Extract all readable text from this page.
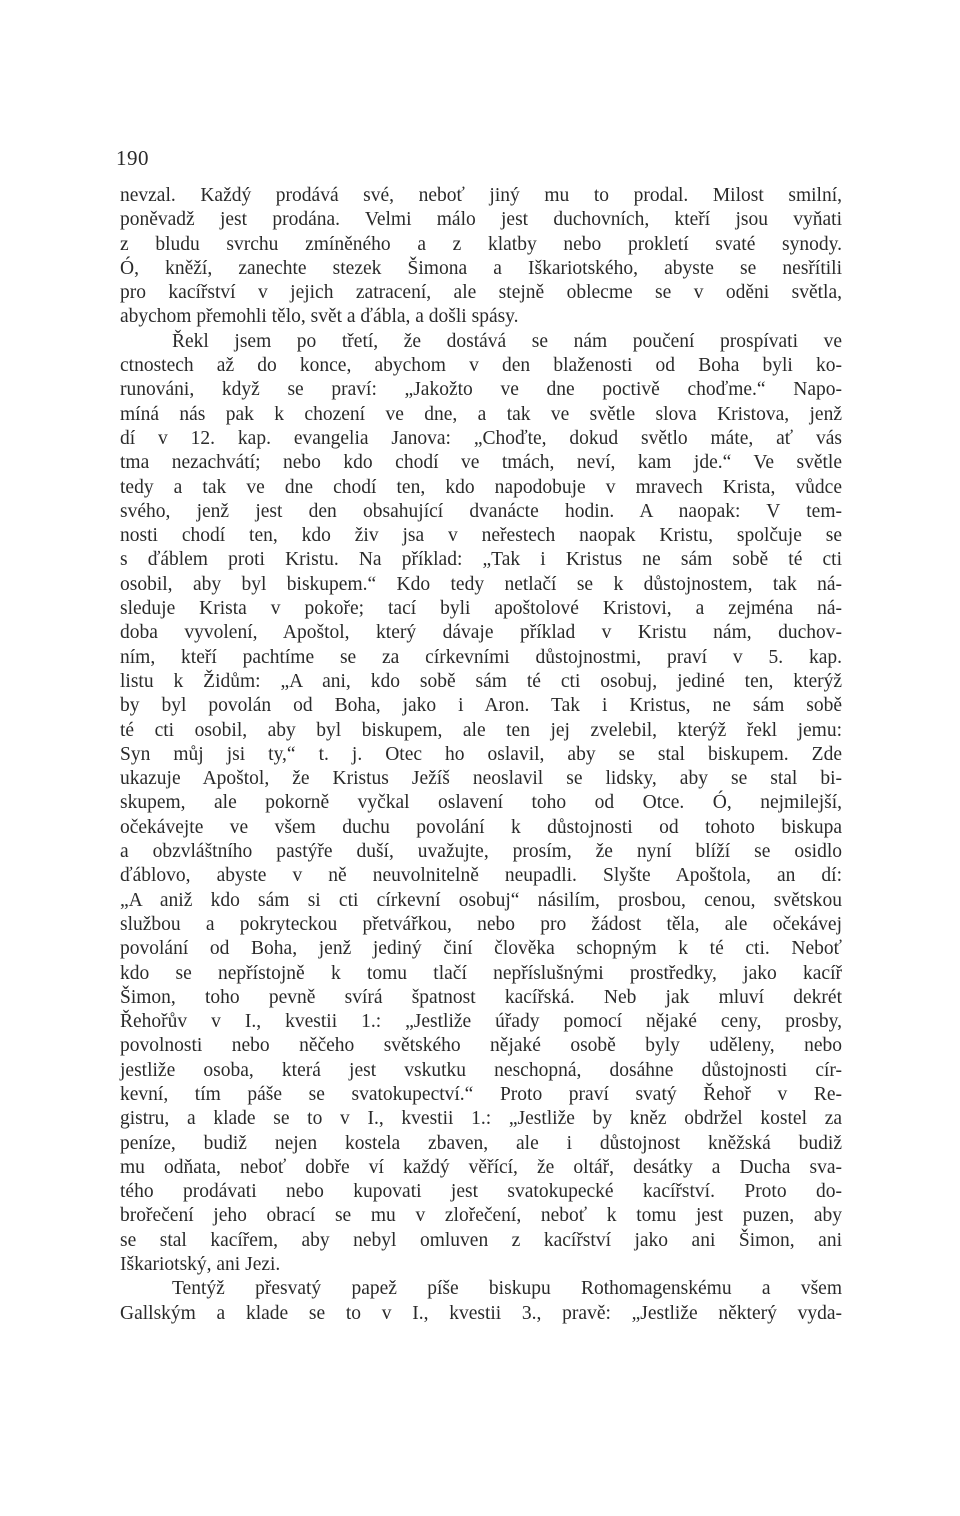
190
nevzal. Každý prodává své, neboť jiný mu to prodal. Milost smilní,
poněvadž jest prodána. Velmi málo jest duchovních, kteří jsou vyňati
z bludu svrchu zmíněného a z klatby nebo prokletí svaté synody.
Ó, kněží, zanechte stezek Šimona a Iškariotského, abyste se nesřítili
pro kacířství v jejich zatracení, ale stejně oblecme se v oděni světla,
abychom přemohli tělo, svět a ďábla, a došli spásy.
Řekl jsem po třetí, že dostává se nám poučení prospívati ve
ctnostech až do konce, abychom v den blaženosti od Boha byli ko-
runováni, když se praví: „Jakožto ve dne poctivě choďme.“ Napo-
míná nás pak k chození ve dne, a tak ve světle slova Kristova, jenž
dí v 12. kap. evangelia Janova: „Choďte, dokud světlo máte, ať vás
tma nezachvátí; nebo kdo chodí ve tmách, neví, kam jde.“ Ve světle
tedy a tak ve dne chodí ten, kdo napodobuje v mravech Krista, vůdce
svého, jenž jest den obsahující dvanácte hodin. A naopak: V tem-
nosti chodí ten, kdo živ jsa v neřestech naopak Kristu, spolčuje se
s ďáblem proti Kristu. Na příklad: „Tak i Kristus ne sám sobě té cti
osobil, aby byl biskupem.“ Kdo tedy netlačí se k důstojnostem, tak ná-
sleduje Krista v pokoře; tací byli apoštolové Kristovi, a zejména ná-
doba vyvolení, Apoštol, který dávaje příklad v Kristu nám, duchov-
ním, kteří pachtíme se za církevními důstojnostmi, praví v 5. kap.
listu k Židům: „A ani, kdo sobě sám té cti osobuj, jediné ten, kterýž
by byl povolán od Boha, jako i Aron. Tak i Kristus, ne sám sobě
té cti osobil, aby byl biskupem, ale ten jej zvelebil, kterýž řekl jemu:
Syn můj jsi ty,“ t. j. Otec ho oslavil, aby se stal biskupem. Zde
ukazuje Apoštol, že Kristus Ježíš neoslavil se lidsky, aby se stal bi-
skupem, ale pokorně vyčkal oslavení toho od Otce. Ó, nejmilejší,
očekávejte ve všem duchu povolání k důstojnosti od tohoto biskupa
a obzvláštního pastýře duší, uvažujte, prosím, že nyní blíží se osidlo
ďáblovo, abyste v ně neuvolnitelně neupadli. Slyšte Apoštola, an dí:
„A aniž kdo sám si cti církevní osobuj“ násilím, prosbou, cenou, světskou
službou a pokryteckou přetvářkou, nebo pro žádost těla, ale očekávej
povolání od Boha, jenž jediný činí člověka schopným k té cti. Neboť
kdo se nepřístojně k tomu tlačí nepříslušnými prostředky, jako kacíř
Šimon, toho pevně svírá špatnost kacířská. Neb jak mluví dekrét
Řehořův v I., kvestii 1.: „Jestliže úřady pomocí nějaké ceny, prosby,
povolnosti nebo něčeho světského nějaké osobě byly uděleny, nebo
jestliže osoba, která jest vskutku neschopná, dosáhne důstojnosti cír-
kevní, tím páše se svatokupectví.“ Proto praví svatý Řehoř v Re-
gistru, a klade se to v I., kvestii 1.: „Jestliže by kněz obdržel kostel za
peníze, budiž nejen kostela zbaven, ale i důstojnost kněžská budiž
mu odňata, neboť dobře ví každý věřící, že oltář, desátky a Ducha sva-
tého prodávati nebo kupovati jest svatokupecké kacířství. Proto do-
brořečení jeho obrací se mu v zlořečení, neboť k tomu jest puzen, aby
se stal kacířem, aby nebyl omluven z kacířství jako ani Šimon, ani
Iškariotský, ani Jezi.
Tentýž přesvatý papež píše biskupu Rothomagenskému a všem
Gallským a klade se to v I., kvestii 3., pravě: „Jestliže některý vyda-
